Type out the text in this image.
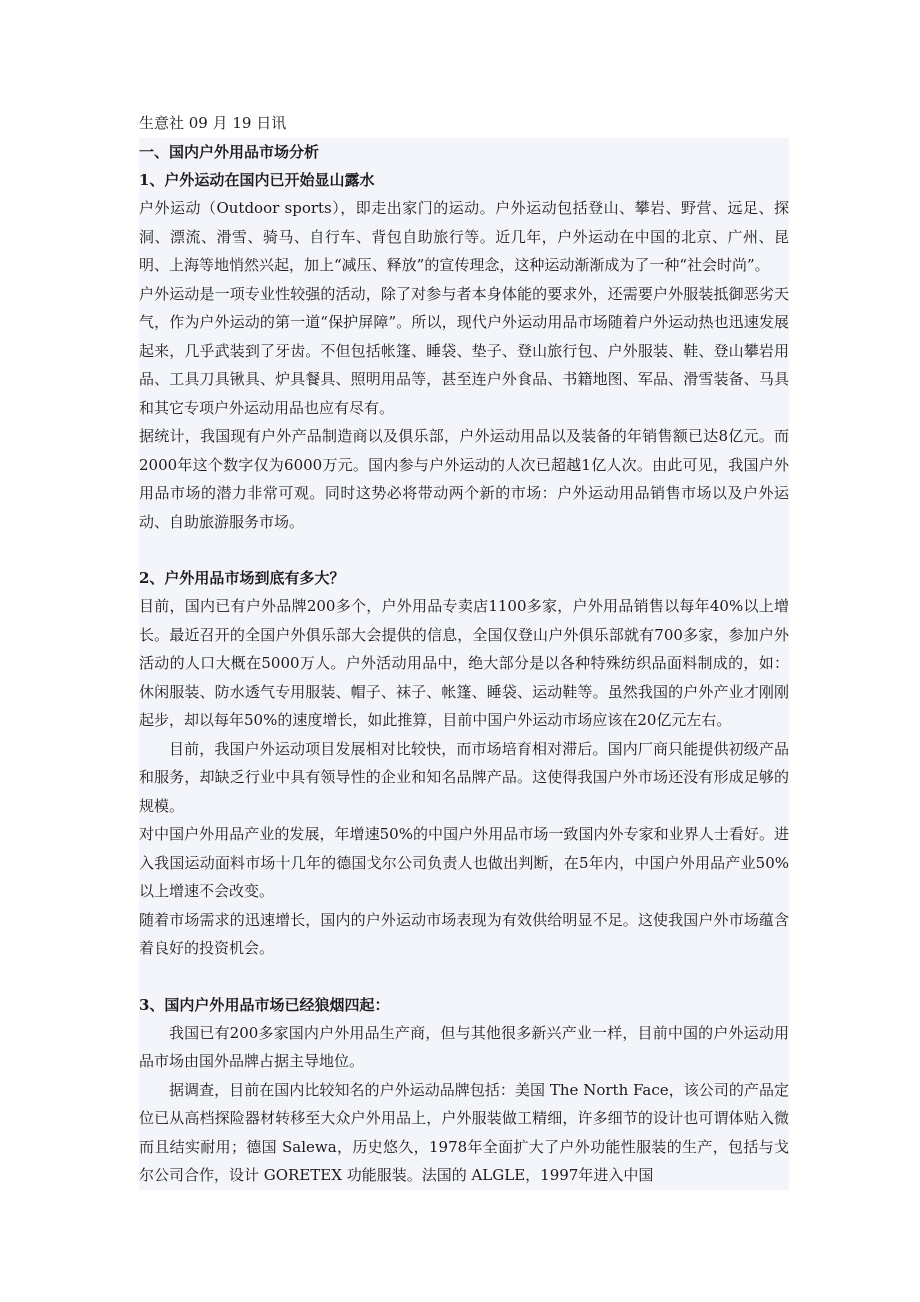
生意社 09 月 19 日讯

一、国内户外用品市场分析

1、户外运动在国内已开始显山露水

户外运动（Outdoor sports），即走出家门的运动。户外运动包括登山、攀岩、野营、远足、探洞、漂流、滑雪、骑马、自行车、背包自助旅行等。近几年，户外运动在中国的北京、广州、昆明、上海等地悄然兴起，加上“减压、释放”的宣传理念，这种运动渐渐成为了一种“社会时尚”。

户外运动是一项专业性较强的活动，除了对参与者本身体能的要求外，还需要户外服装抵御恶劣天气，作为户外运动的第一道“保护屏障”。所以，现代户外运动用品市场随着户外运动热也迅速发展起来，几乎武装到了牙齿。不但包括帐篷、睡袋、垫子、登山旅行包、户外服装、鞋、登山攀岩用品、工具刀具锹具、炉具餐具、照明用品等，甚至连户外食品、书籍地图、军品、滑雪装备、马具和其它专项户外运动用品也应有尽有。

据统计，我国现有户外产品制造商以及俱乐部，户外运动用品以及装备的年销售额已达8亿元。而2000年这个数字仅为6000万元。国内参与户外运动的人次已超越1亿人次。由此可见，我国户外用品市场的潜力非常可观。同时这势必将带动两个新的市场：户外运动用品销售市场以及户外运动、自助旅游服务市场。

2、户外用品市场到底有多大？

目前，国内已有户外品牌200多个，户外用品专卖店1100多家，户外用品销售以每年40%以上增长。最近召开的全国户外俱乐部大会提供的信息，全国仅登山户外俱乐部就有700多家，参加户外活动的人口大概在5000万人。户外活动用品中，绝大部分是以各种特殊纺织品面料制成的，如：休闲服装、防水透气专用服装、帽子、袜子、帐篷、睡袋、运动鞋等。虽然我国的户外产业才刚刚起步，却以每年50%的速度增长，如此推算，目前中国户外运动市场应该在20亿元左右。

目前，我国户外运动项目发展相对比较快，而市场培育相对滞后。国内厂商只能提供初级产品和服务，却缺乏行业中具有领导性的企业和知名品牌产品。这使得我国户外市场还没有形成足够的规模。

对中国户外用品产业的发展，年增速50%的中国户外用品市场一致国内外专家和业界人士看好。进入我国运动面料市场十几年的德国戈尔公司负责人也做出判断，在5年内，中国户外用品产业50%以上增速不会改变。

随着市场需求的迅速增长，国内的户外运动市场表现为有效供给明显不足。这使我国户外市场蕴含着良好的投资机会。

3、国内户外用品市场已经狼烟四起：

我国已有200多家国内户外用品生产商，但与其他很多新兴产业一样，目前中国的户外运动用品市场由国外品牌占据主导地位。

据调查，目前在国内比较知名的户外运动品牌包括：美国 The North Face，该公司的产品定位已从高档探险器材转移至大众户外用品上，户外服装做工精细，许多细节的设计也可谓体贴入微而且结实耐用；德国 Salewa，历史悠久，1978年全面扩大了户外功能性服装的生产，包括与戈尔公司合作，设计 GORETEX 功能服装。法国的 ALGLE，1997年进入中国
